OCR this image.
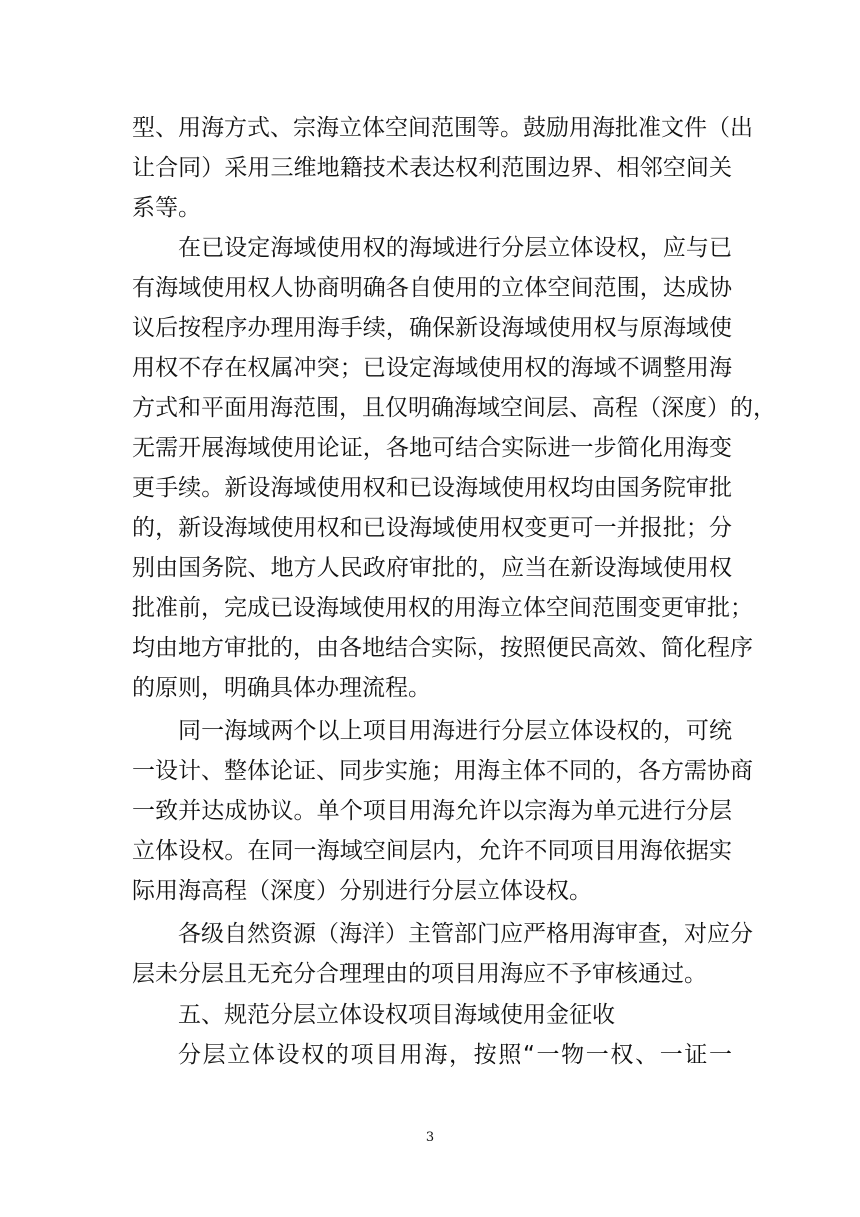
型、用海方式、宗海立体空间范围等。鼓励用海批准文件（出
让合同）采用三维地籍技术表达权利范围边界、相邻空间关
系等。
在已设定海域使用权的海域进行分层立体设权，应与已
有海域使用权人协商明确各自使用的立体空间范围，达成协
议后按程序办理用海手续，确保新设海域使用权与原海域使
用权不存在权属冲突；已设定海域使用权的海域不调整用海
方式和平面用海范围，且仅明确海域空间层、高程（深度）的，
无需开展海域使用论证，各地可结合实际进一步简化用海变
更手续。新设海域使用权和已设海域使用权均由国务院审批
的，新设海域使用权和已设海域使用权变更可一并报批；分
别由国务院、地方人民政府审批的，应当在新设海域使用权
批准前，完成已设海域使用权的用海立体空间范围变更审批；
均由地方审批的，由各地结合实际，按照便民高效、简化程序
的原则，明确具体办理流程。
同一海域两个以上项目用海进行分层立体设权的，可统
一设计、整体论证、同步实施；用海主体不同的，各方需协商
一致并达成协议。单个项目用海允许以宗海为单元进行分层
立体设权。在同一海域空间层内，允许不同项目用海依据实
际用海高程（深度）分别进行分层立体设权。
各级自然资源（海洋）主管部门应严格用海审查，对应分
层未分层且无充分合理理由的项目用海应不予审核通过。
五、规范分层立体设权项目海域使用金征收
分层立体设权的项目用海，按照“一物一权、一证一
3
